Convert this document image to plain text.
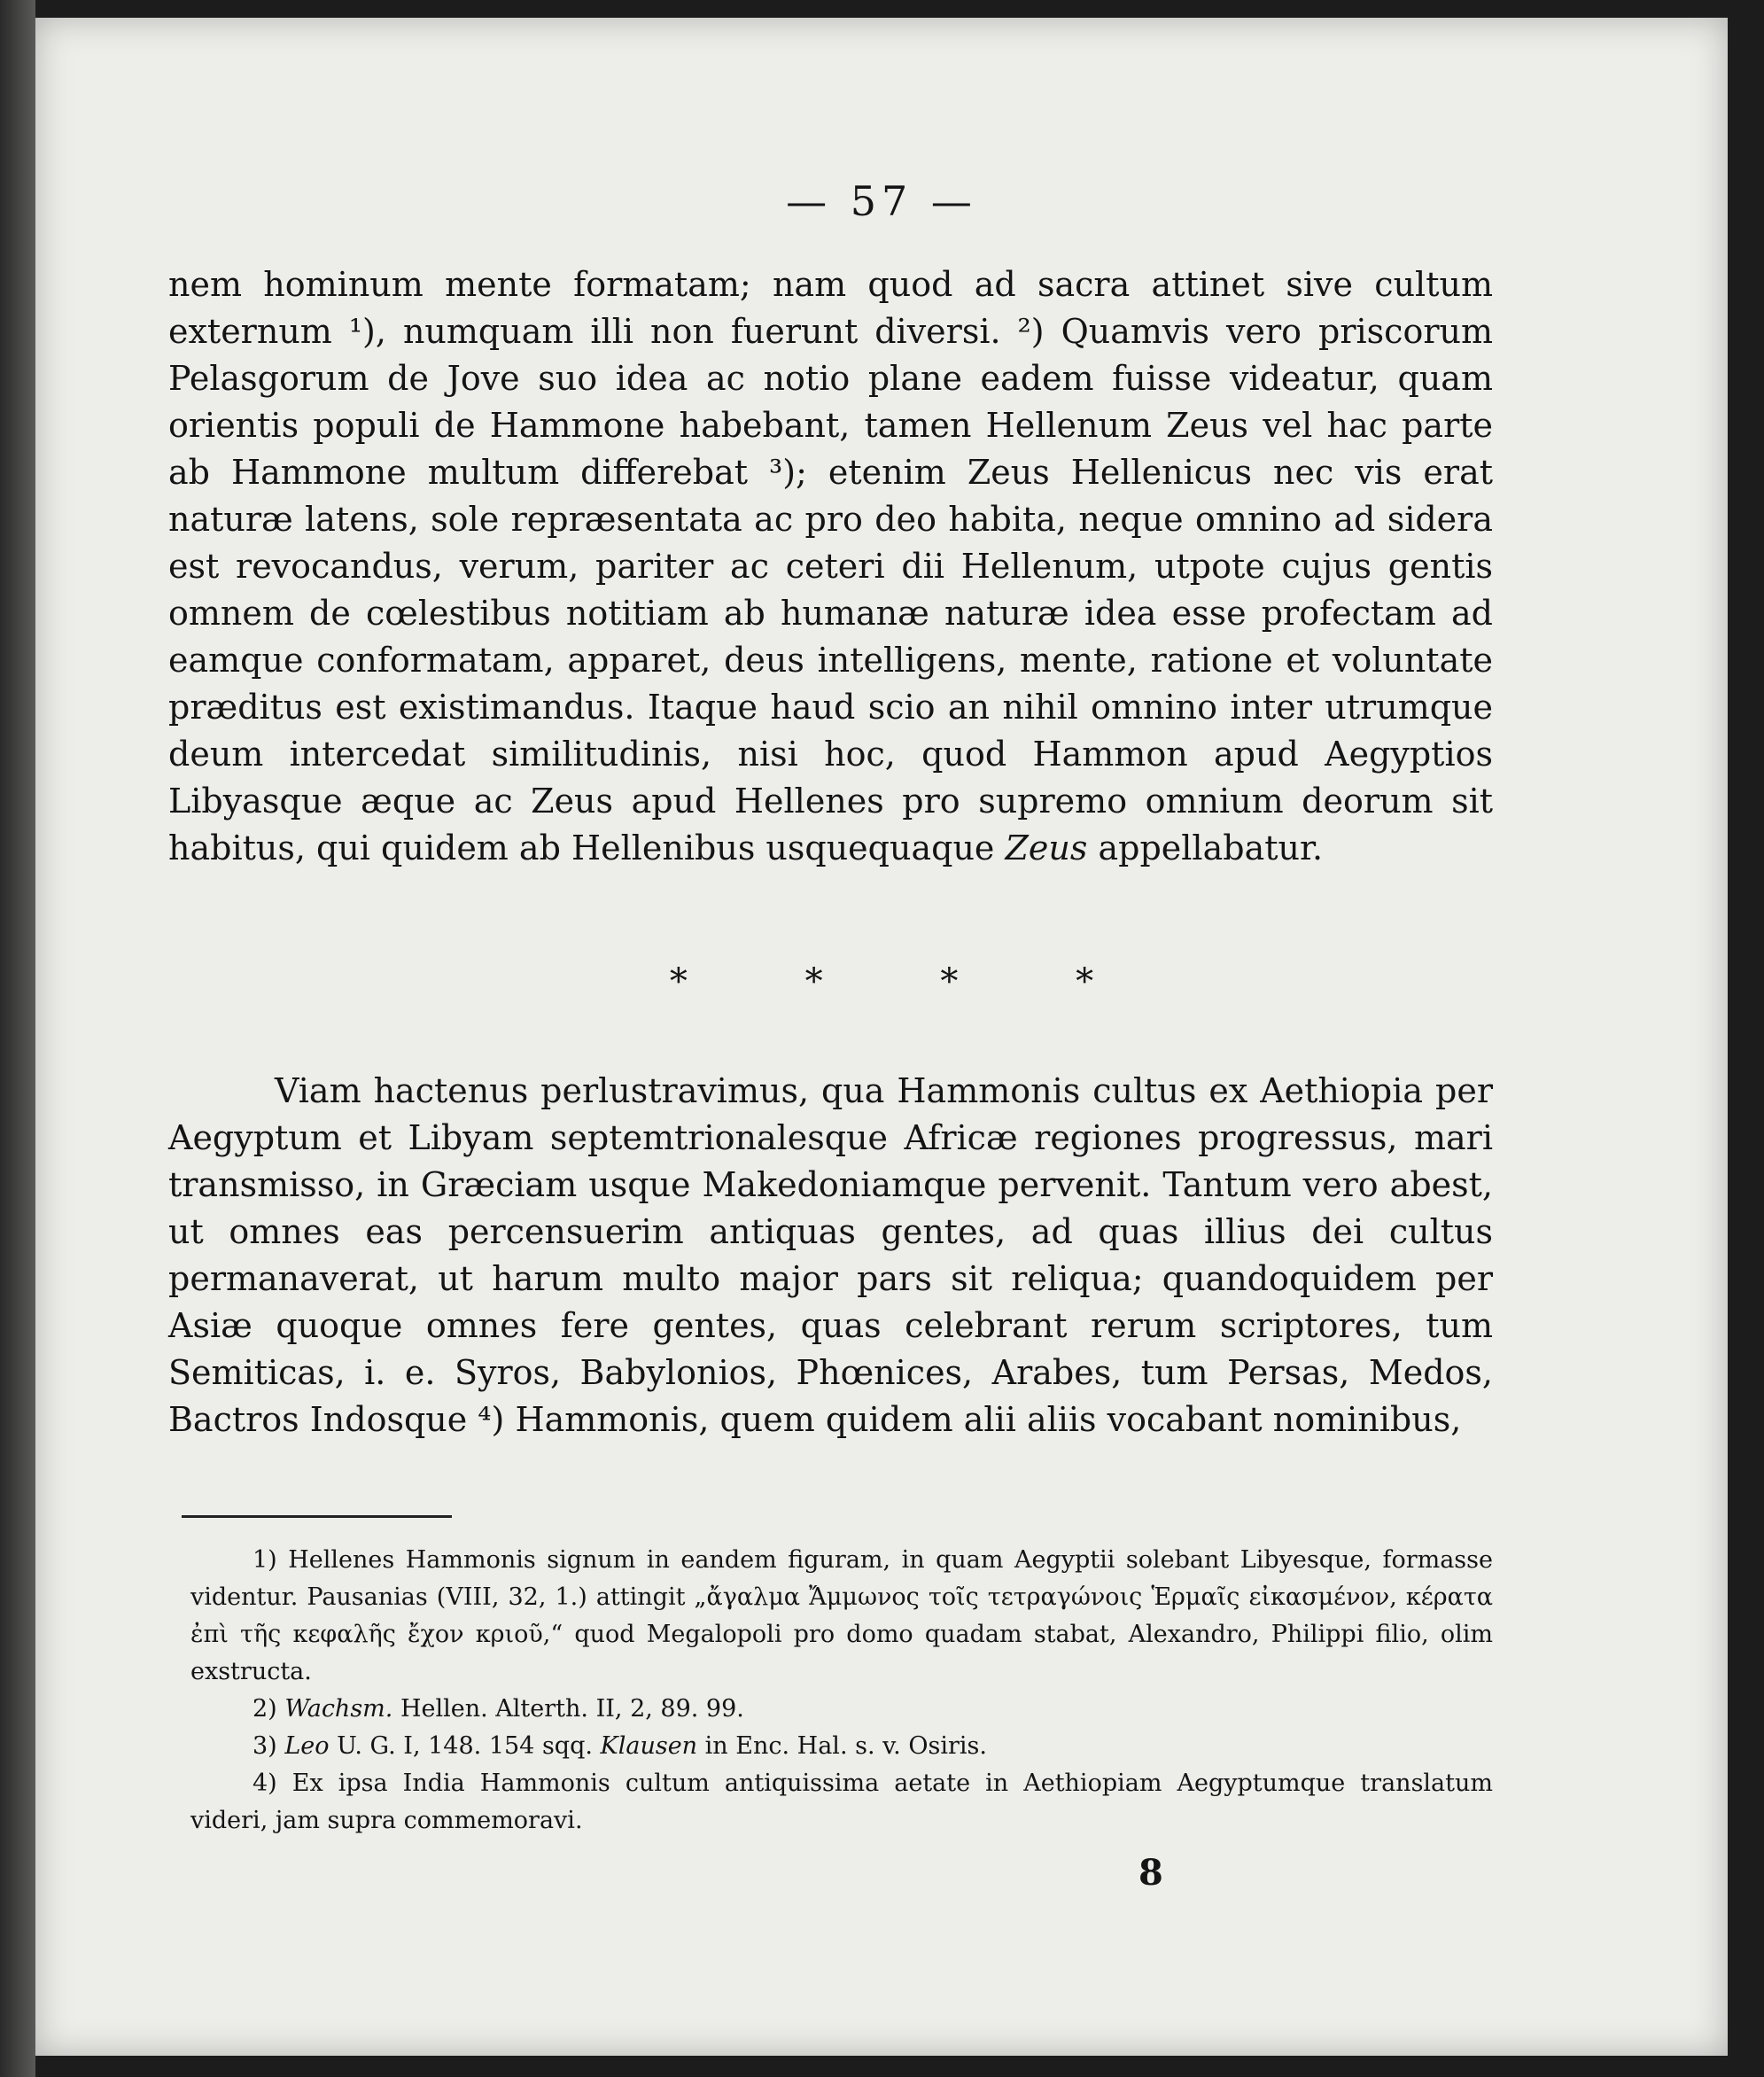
— 57 —

nem hominum mente formatam; nam quod ad sacra attinet sive cultum externum ¹), numquam illi non fuerunt diversi. ²) Quamvis vero priscorum Pelasgorum de Jove suo idea ac notio plane eadem fuisse videatur, quam orientis populi de Hammone habebant, tamen Hellenum Zeus vel hac parte ab Hammone multum differebat ³); etenim Zeus Hellenicus nec vis erat naturæ latens, sole repræsentata ac pro deo habita, neque omnino ad sidera est revocandus, verum, pariter ac ceteri dii Hellenum, utpote cujus gentis omnem de cœlestibus notitiam ab humanæ naturæ idea esse profectam ad eamque conformatam, apparet, deus intelligens, mente, ratione et voluntate præditus est existimandus. Itaque haud scio an nihil omnino inter utrumque deum intercedat similitudinis, nisi hoc, quod Hammon apud Aegyptios Libyasque æque ac Zeus apud Hellenes pro supremo omnium deorum sit habitus, qui quidem ab Hellenibus usquequaque Zeus appellabatur.

* * * *

Viam hactenus perlustravimus, qua Hammonis cultus ex Aethiopia per Aegyptum et Libyam septemtrionalesque Africæ regiones progressus, mari transmisso, in Græciam usque Makedoniamque pervenit. Tantum vero abest, ut omnes eas percensuerim antiquas gentes, ad quas illius dei cultus permanaverat, ut harum multo major pars sit reliqua; quandoquidem per Asiæ quoque omnes fere gentes, quas celebrant rerum scriptores, tum Semiticas, i. e. Syros, Babylonios, Phœnices, Arabes, tum Persas, Medos, Bactros Indosque ⁴) Hammonis, quem quidem alii aliis vocabant nominibus,

1) Hellenes Hammonis signum in eandem figuram, in quam Aegyptii solebant Libyesque, formasse videntur. Pausanias (VIII, 32, 1.) attingit „ἄγαλμα Ἄμμωνος τοῖς τετραγώνοις Ἑρμαῖς εἰκασμένον, κέρατα ἐπὶ τῆς κεφαλῆς ἔχον κριοῦ,“ quod Megalopoli pro domo quadam stabat, Alexandro, Philippi filio, olim exstructa.

2) Wachsm. Hellen. Alterth. II, 2, 89. 99.

3) Leo U. G. I, 148. 154 sqq. Klausen in Enc. Hal. s. v. Osiris.

4) Ex ipsa India Hammonis cultum antiquissima aetate in Aethiopiam Aegyptumque translatum videri, jam supra commemoravi.

8
